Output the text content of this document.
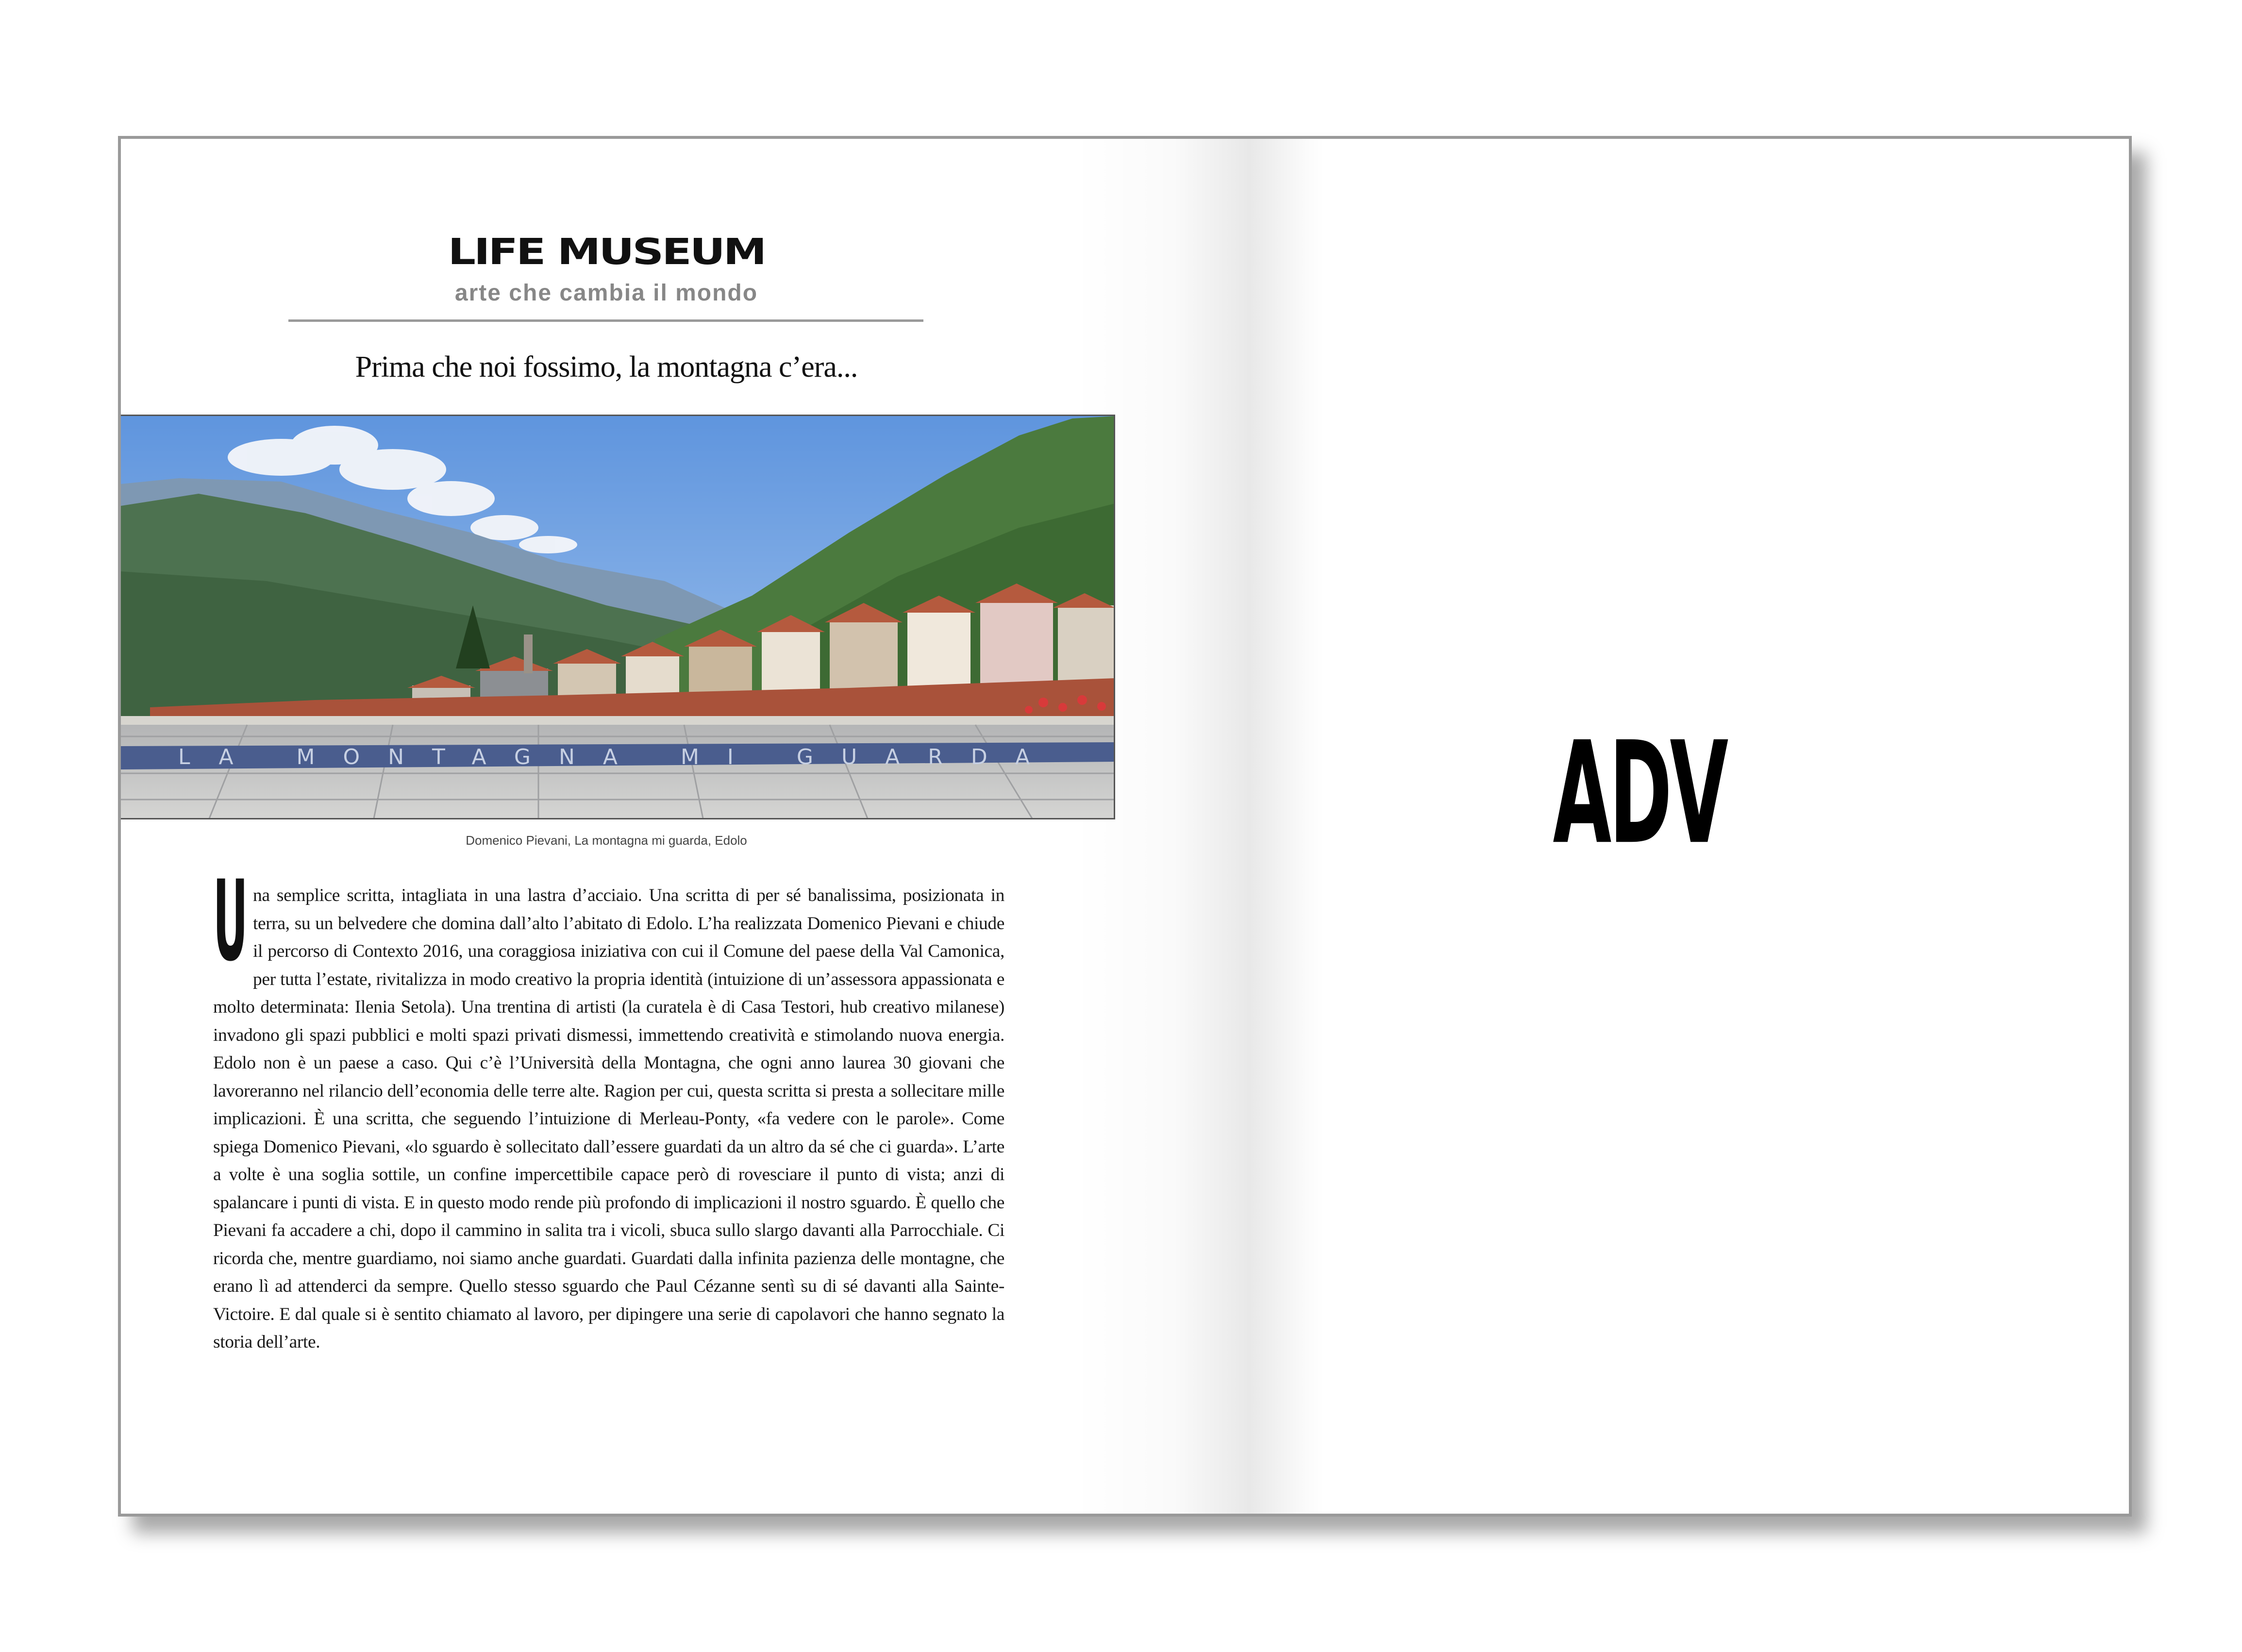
LIFE MUSEUM
arte che cambia il mondo
Prima che noi fossimo, la montagna c’era...
LA MONTAGNA MI GUARDA
Domenico Pievani, La montagna mi guarda, Edolo
Una semplice scritta, intagliata in una lastra d’acciaio. Una scritta di per sé banalissima, posizionata in terra, su un belvedere che domina dall’alto l’abitato di Edolo. L’ha realizzata Domenico Pievani e chiude il percorso di Contexto 2016, una coraggiosa iniziativa con cui il Comune del paese della Val Camonica, per tutta l’estate, rivitalizza in modo creativo la propria identità (intuizione di un’assessora appassionata e molto determinata: Ilenia Setola). Una trentina di artisti (la curatela è di Casa Testori, hub creativo milanese) invadono gli spazi pubblici e molti spazi privati dismessi, immettendo creatività e stimolando nuova energia. Edolo non è un paese a caso. Qui c’è l’Università della Montagna, che ogni anno laurea 30 giovani che lavoreranno nel rilancio dell’economia delle terre alte. Ragion per cui, questa scritta si presta a sollecitare mille implicazioni. È una scritta, che seguendo l’intuizione di Merleau-Ponty, «fa vedere con le parole». Come spiega Domenico Pievani, «lo sguardo è sollecitato dall’essere guardati da un altro da sé che ci guarda». L’arte a volte è una soglia sottile, un confine impercettibile capace però di rovesciare il punto di vista; anzi di spalancare i punti di vista. E in questo modo rende più profondo di implicazioni il nostro sguardo. È quello che Pievani fa accadere a chi, dopo il cammino in salita tra i vicoli, sbuca sullo slargo davanti alla Parrocchiale. Ci ricorda che, mentre guardiamo, noi siamo anche guardati. Guardati dalla infinita pazienza delle montagne, che erano lì ad attenderci da sempre. Quello stesso sguardo che Paul Cézanne sentì su di sé davanti alla Sainte-Victoire. E dal quale si è sentito chiamato al lavoro, per dipingere una serie di capolavori che hanno segnato la storia dell’arte.
ADV
